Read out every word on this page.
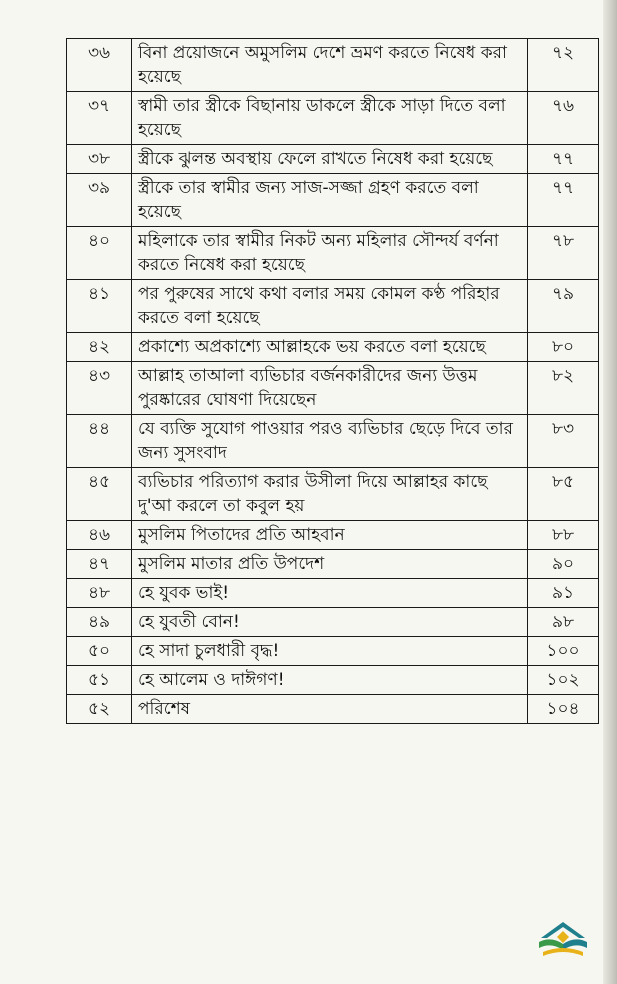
৩৬	বিনা প্রয়োজনে অমুসলিম দেশে ভ্রমণ করতে নিষেধ করা হয়েছে	৭২
৩৭	স্বামী তার স্ত্রীকে বিছানায় ডাকলে স্ত্রীকে সাড়া দিতে বলা হয়েছে	৭৬
৩৮	স্ত্রীকে ঝুলন্ত অবস্থায় ফেলে রাখতে নিষেধ করা হয়েছে	৭৭
৩৯	স্ত্রীকে তার স্বামীর জন্য সাজ-সজ্জা গ্রহণ করতে বলা হয়েছে	৭৭
৪০	মহিলাকে তার স্বামীর নিকট অন্য মহিলার সৌন্দর্য বর্ণনা করতে নিষেধ করা হয়েছে	৭৮
৪১	পর পুরুষের সাথে কথা বলার সময় কোমল কণ্ঠ পরিহার করতে বলা হয়েছে	৭৯
৪২	প্রকাশ্যে অপ্রকাশ্যে আল্লাহকে ভয় করতে বলা হয়েছে	৮০
৪৩	আল্লাহ তাআলা ব্যভিচার বর্জনকারীদের জন্য উত্তম পুরষ্কারের ঘোষণা দিয়েছেন	৮২
৪৪	যে ব্যক্তি সুযোগ পাওয়ার পরও ব্যভিচার ছেড়ে দিবে তার জন্য সুসংবাদ	৮৩
৪৫	ব্যভিচার পরিত্যাগ করার উসীলা দিয়ে আল্লাহর কাছে দু'আ করলে তা কবুল হয়	৮৫
৪৬	মুসলিম পিতাদের প্রতি আহবান	৮৮
৪৭	মুসলিম মাতার প্রতি উপদেশ	৯০
৪৮	হে যুবক ভাই!	৯১
৪৯	হে যুবতী বোন!	৯৮
৫০	হে সাদা চুলধারী বৃদ্ধ!	১০০
৫১	হে আলেম ও দাঈগণ!	১০২
৫২	পরিশেষ	১০৪
